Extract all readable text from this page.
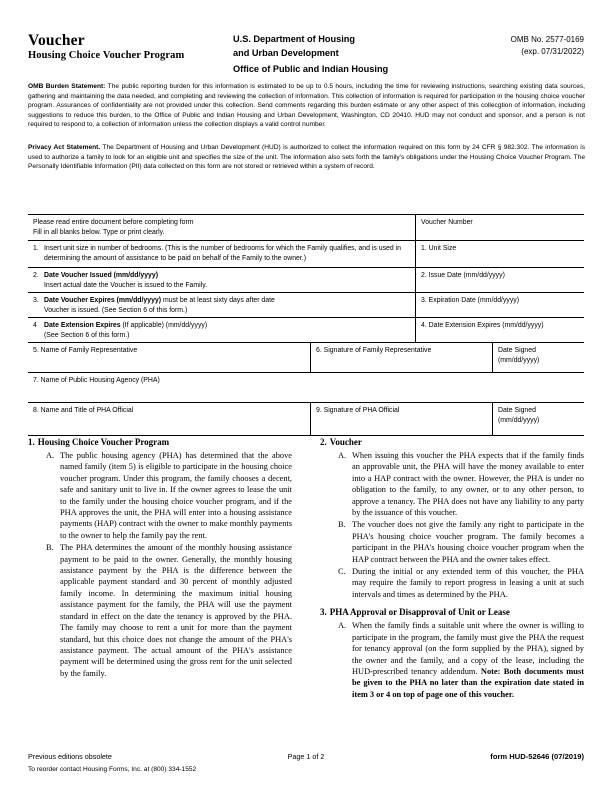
Voucher
Housing Choice Voucher Program
U.S. Department of Housing
and Urban Development
Office of Public and Indian Housing
OMB No. 2577-0169
(exp. 07/31/2022)
OMB Burden Statement: The public reporting burden for this information is estimated to be up to 0.5 hours, including the time for reviewing instructions, searching existing data sources, gathering and maintaining the data needed, and completing and reviewing the collection of information. This collection of information is required for participation in the housing choice voucher program. Assurances of confidentiality are not provided under this collection. Send comments regarding this burden estimate or any other aspect of this collecgtion of information, including suggestions to reduce this burden, to the Office of Public and Indian Housing and Urban Development, Washington, CD 20410. HUD may not conduct and sponsor, and a person is not required to respond to, a collection of information unless the collection displays a valid control number.
Privacy Act Statement. The Department of Housing and Urban Development (HUD) is authorized to collect the information required on this form by 24 CFR § 982.302. The information is used to authorize a family to look for an eligible unit and specifies the size of the unit. The information also sets forth the family's obligations under the Housing Choice Voucher Program. The Personally Identifiable Information (PII) data collected on this form are not stored or retrieved within a system of record.
Please read entire document before completing form
Fill in all blanks below. Type or print clearly.
Voucher Number
1. Insert unit size in number of bedrooms. (This is the number of bedrooms for which the Family qualifies, and is used in determining the amount of assistance to be paid on behalf of the Family to the owner.)
1. Unit Size
2. Date Voucher Issued (mm/dd/yyyy)
Insert actual date the Voucher is issued to the Family.
2. Issue Date (mm/dd/yyyy)
3. Date Voucher Expires (mm/dd/yyyy) must be at least sixty days after date
Voucher is issued. (See Section 6 of this form.)
3. Expiration Date (mm/dd/yyyy)
4 Date Extension Expires (If applicable) (mm/dd/yyyy)
(See Section 6 of this form.)
4. Date Extension Expires (mm/dd/yyyy)
5. Name of Family Representative	6. Signature of Family Representative	Date Signed (mm/dd/yyyy)
7. Name of Public Housing Agency (PHA)
8. Name and Title of PHA Official	9. Signature of PHA Official	Date Signed (mm/dd/yyyy)
1. Housing Choice Voucher Program
A. The public housing agency (PHA) has determined that the above named family (item 5) is eligible to participate in the housing choice voucher program. Under this program, the family chooses a decent, safe and sanitary unit to live in. If the owner agrees to lease the unit to the family under the housing choice voucher program, and if the PHA approves the unit, the PHA will enter into a housing assistance payments (HAP) contract with the owner to make monthly payments to the owner to help the family pay the rent.
B. The PHA determines the amount of the monthly housing assistance payment to be paid to the owner. Generally, the monthly housing assistance payment by the PHA is the difference between the applicable payment standard and 30 percent of monthly adjusted family income. In determining the maximum initial housing assistance payment for the family, the PHA will use the payment standard in effect on the date the tenancy is approved by the PHA. The family may choose to rent a unit for more than the payment standard, but this choice does not change the amount of the PHA's assistance payment. The actual amount of the PHA's assistance payment will be determined using the gross rent for the unit selected by the family.
2. Voucher
A. When issuing this voucher the PHA expects that if the family finds an approvable unit, the PHA will have the money available to enter into a HAP contract with the owner. However, the PHA is under no obligation to the family, to any owner, or to any other person, to approve a tenancy. The PHA does not have any liability to any party by the issuance of this voucher.
B. The voucher does not give the family any right to participate in the PHA's housing choice voucher program. The family becomes a participant in the PHA's housing choice voucher program when the HAP contract between the PHA and the owner takes effect.
C. During the initial or any extended term of this voucher, the PHA may require the family to report progress in leasing a unit at such intervals and times as determined by the PHA.
3. PHA Approval or Disapproval of Unit or Lease
A. When the family finds a suitable unit where the owner is willing to participate in the program, the family must give the PHA the request for tenancy approval (on the form supplied by the PHA), signed by the owner and the family, and a copy of the lease, including the HUD-prescribed tenancy addendum. Note: Both documents must be given to the PHA no later than the expiration date stated in item 3 or 4 on top of page one of this voucher.
Previous editions obsolete
To reorder contact Housing Forms, Inc. at (800) 334-1552
Page 1 of 2	form HUD-52646 (07/2019)
